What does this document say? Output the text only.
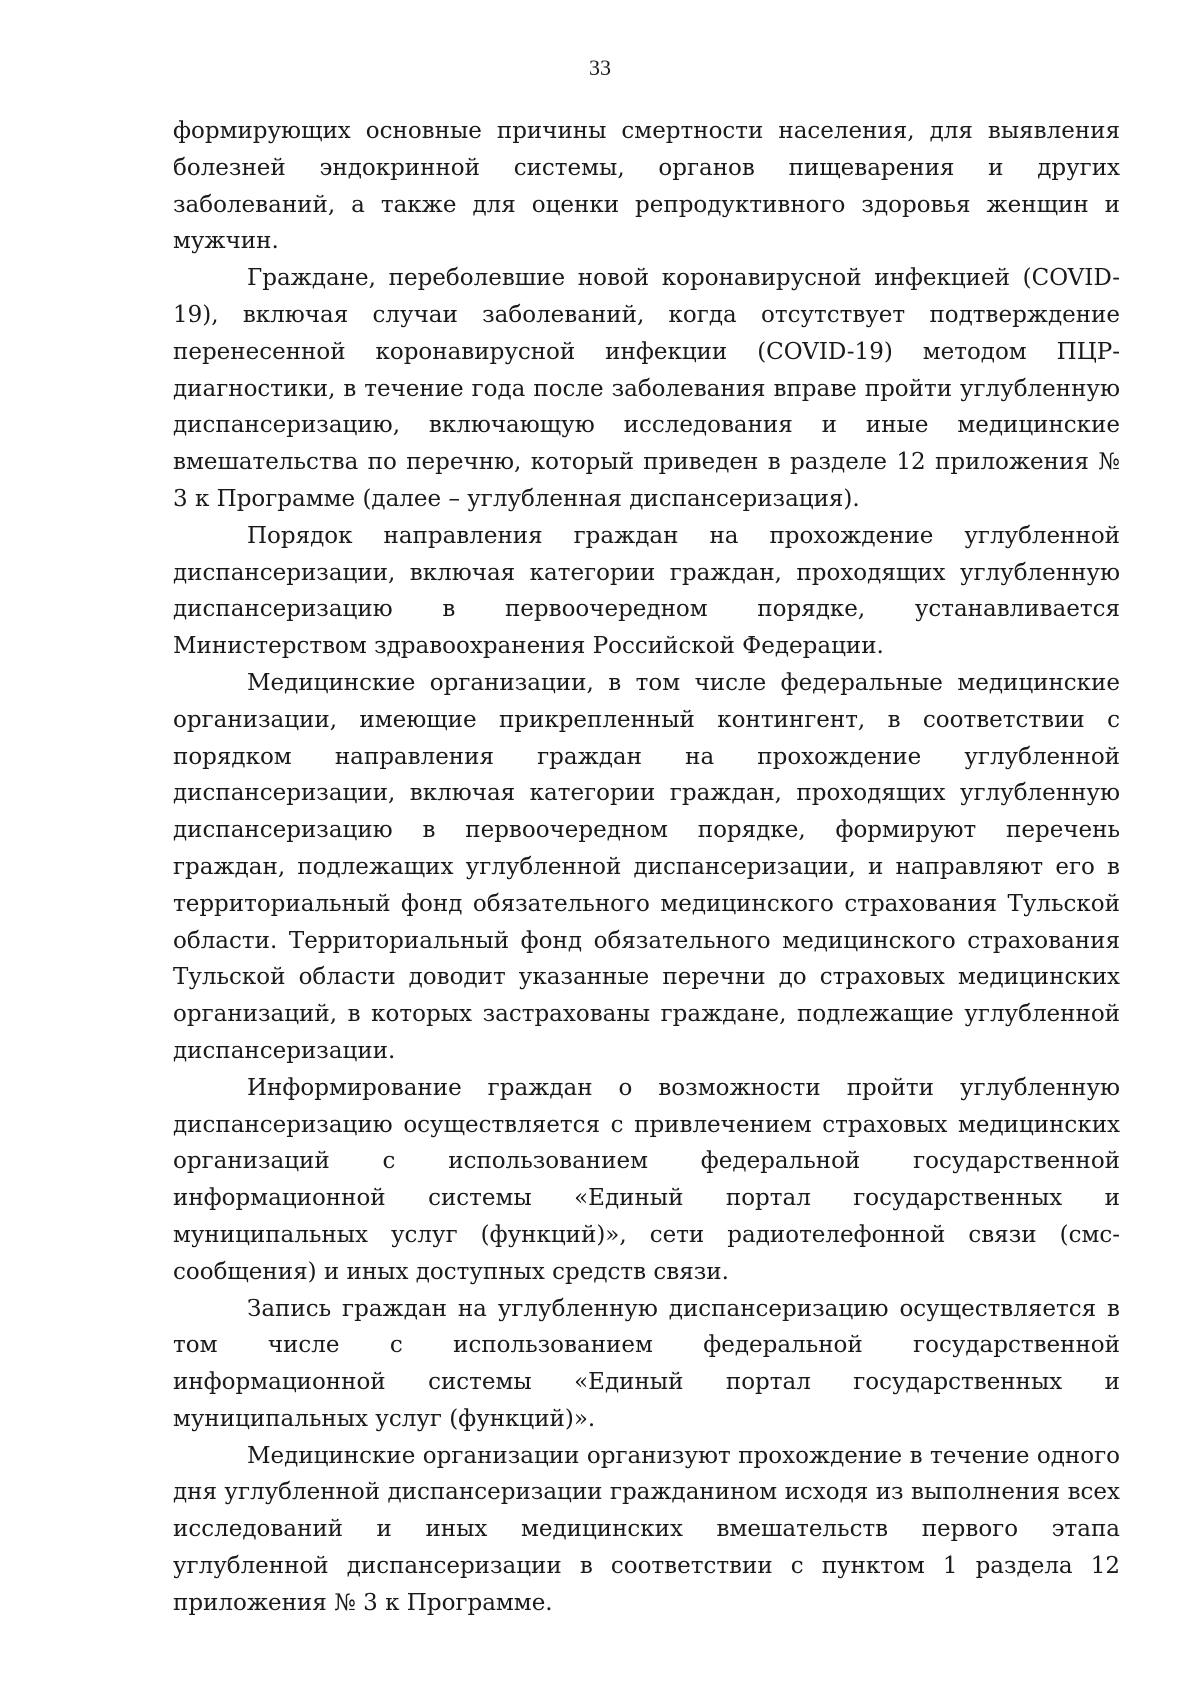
33

формирующих основные причины смертности населения, для выявления болезней эндокринной системы, органов пищеварения и других заболеваний, а также для оценки репродуктивного здоровья женщин и мужчин.

Граждане, переболевшие новой коронавирусной инфекцией (COVID-19), включая случаи заболеваний, когда отсутствует подтверждение перенесенной коронавирусной инфекции (COVID-19) методом ПЦР-диагностики, в течение года после заболевания вправе пройти углубленную диспансеризацию, включающую исследования и иные медицинские вмешательства по перечню, который приведен в разделе 12 приложения № 3 к Программе (далее – углубленная диспансеризация).

Порядок направления граждан на прохождение углубленной диспансеризации, включая категории граждан, проходящих углубленную диспансеризацию в первоочередном порядке, устанавливается Министерством здравоохранения Российской Федерации.

Медицинские организации, в том числе федеральные медицинские организации, имеющие прикрепленный контингент, в соответствии с порядком направления граждан на прохождение углубленной диспансеризации, включая категории граждан, проходящих углубленную диспансеризацию в первоочередном порядке, формируют перечень граждан, подлежащих углубленной диспансеризации, и направляют его в территориальный фонд обязательного медицинского страхования Тульской области. Территориальный фонд обязательного медицинского страхования Тульской области доводит указанные перечни до страховых медицинских организаций, в которых застрахованы граждане, подлежащие углубленной диспансеризации.

Информирование граждан о возможности пройти углубленную диспансеризацию осуществляется с привлечением страховых медицинских организаций с использованием федеральной государственной информационной системы «Единый портал государственных и муниципальных услуг (функций)», сети радиотелефонной связи (смс-сообщения) и иных доступных средств связи.

Запись граждан на углубленную диспансеризацию осуществляется в том числе с использованием федеральной государственной информационной системы «Единый портал государственных и муниципальных услуг (функций)».

Медицинские организации организуют прохождение в течение одного дня углубленной диспансеризации гражданином исходя из выполнения всех исследований и иных медицинских вмешательств первого этапа углубленной диспансеризации в соответствии с пунктом 1 раздела 12 приложения № 3 к Программе.
